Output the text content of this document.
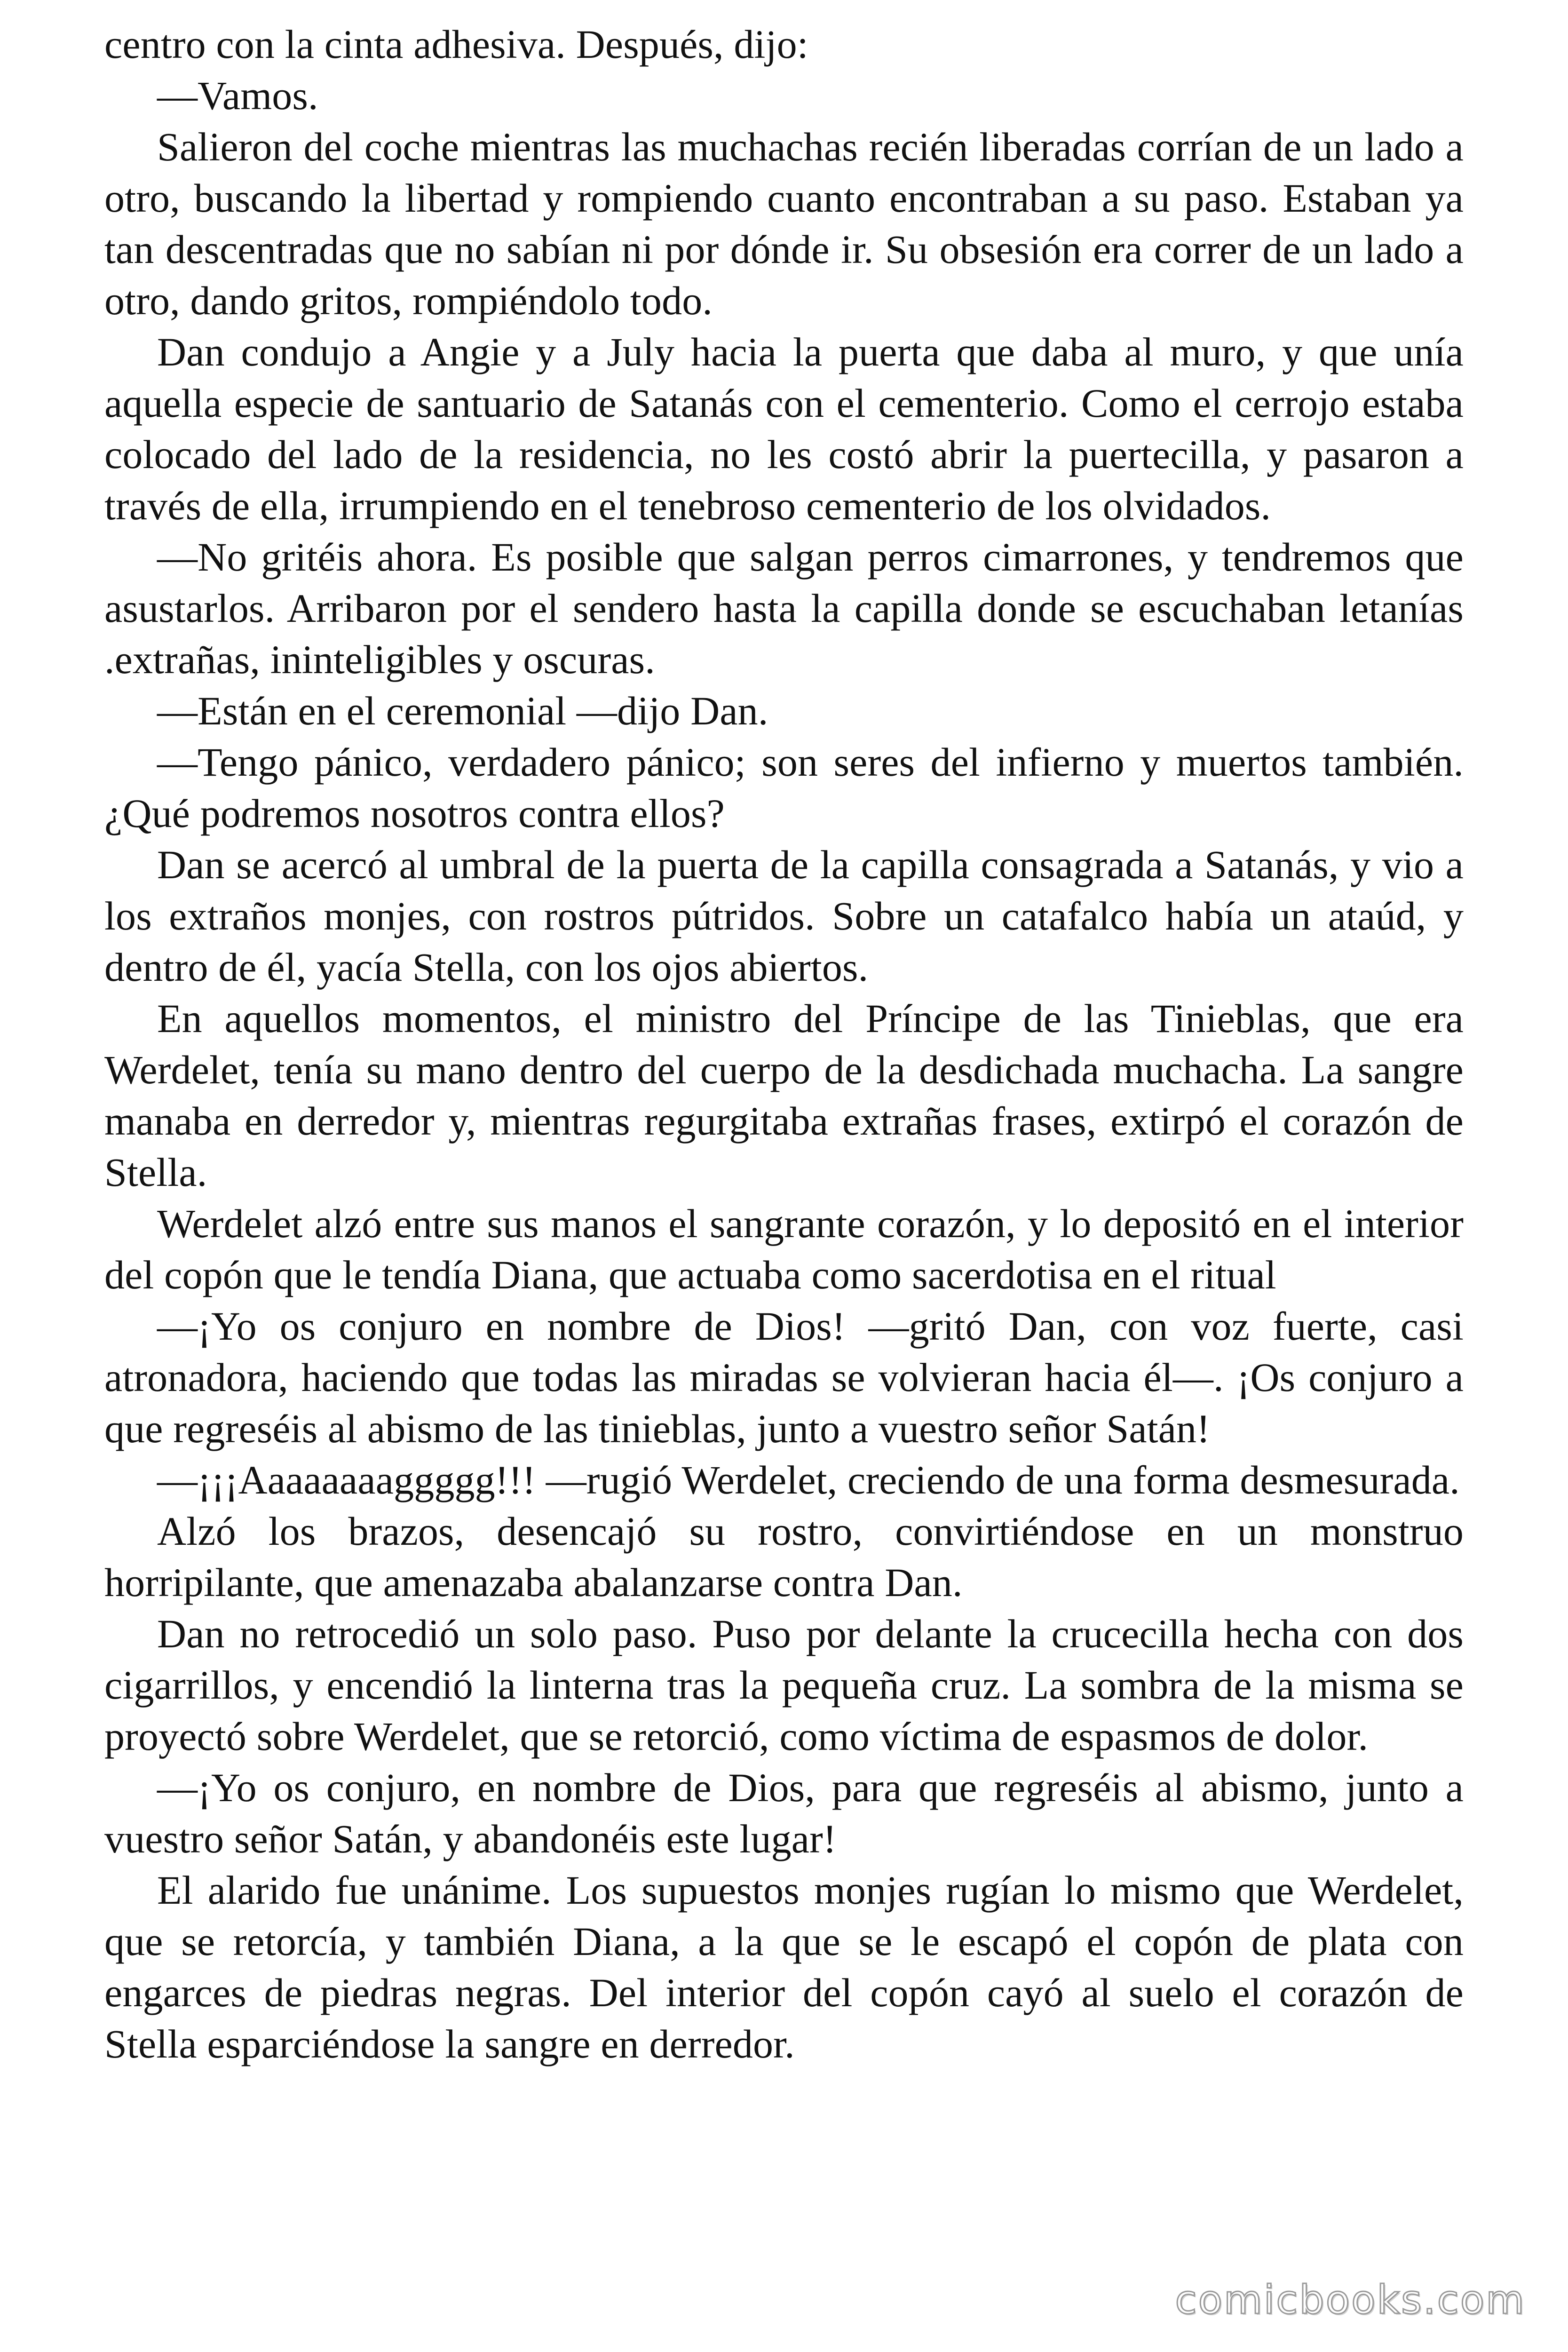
centro con la cinta adhesiva. Después, dijo:

—Vamos.

Salieron del coche mientras las muchachas recién liberadas corrían de un lado a otro, buscando la libertad y rompiendo cuanto encontraban a su paso. Estaban ya tan descentradas que no sabían ni por dónde ir. Su obsesión era correr de un lado a otro, dando gritos, rompiéndolo todo.

Dan condujo a Angie y a July hacia la puerta que daba al muro, y que unía aquella especie de santuario de Satanás con el cementerio. Como el cerrojo estaba colocado del lado de la residencia, no les costó abrir la puertecilla, y pasaron a través de ella, irrumpiendo en el tenebroso cementerio de los olvidados.

—No gritéis ahora. Es posible que salgan perros cimarrones, y tendremos que asustarlos. Arribaron por el sendero hasta la capilla donde se escuchaban letanías .extrañas, ininteligibles y oscuras.

—Están en el ceremonial —dijo Dan.

—Tengo pánico, verdadero pánico; son seres del infierno y muertos también. ¿Qué podremos nosotros contra ellos?

Dan se acercó al umbral de la puerta de la capilla consagrada a Satanás, y vio a los extraños monjes, con rostros pútridos. Sobre un catafalco había un ataúd, y dentro de él, yacía Stella, con los ojos abiertos.

En aquellos momentos, el ministro del Príncipe de las Tinieblas, que era Werdelet, tenía su mano dentro del cuerpo de la desdichada muchacha. La sangre manaba en derredor y, mientras regurgitaba extrañas frases, extirpó el corazón de Stella.

Werdelet alzó entre sus manos el sangrante corazón, y lo depositó en el interior del copón que le tendía Diana, que actuaba como sacerdotisa en el ritual

—¡Yo os conjuro en nombre de Dios! —gritó Dan, con voz fuerte, casi atronadora, haciendo que todas las miradas se volvieran hacia él—. ¡Os conjuro a que regreséis al abismo de las tinieblas, junto a vuestro señor Satán!

—¡¡¡Aaaaaaaaggggg!!! —rugió Werdelet, creciendo de una forma desmesurada.

Alzó los brazos, desencajó su rostro, convirtiéndose en un monstruo horripilante, que amenazaba abalanzarse contra Dan.

Dan no retrocedió un solo paso. Puso por delante la crucecilla hecha con dos cigarrillos, y encendió la linterna tras la pequeña cruz. La sombra de la misma se proyectó sobre Werdelet, que se retorció, como víctima de espasmos de dolor.

—¡Yo os conjuro, en nombre de Dios, para que regreséis al abismo, junto a vuestro señor Satán, y abandonéis este lugar!

El alarido fue unánime. Los supuestos monjes rugían lo mismo que Werdelet, que se retorcía, y también Diana, a la que se le escapó el copón de plata con engarces de piedras negras. Del interior del copón cayó al suelo el corazón de Stella esparciéndose la sangre en derredor.

comicbooks.com
